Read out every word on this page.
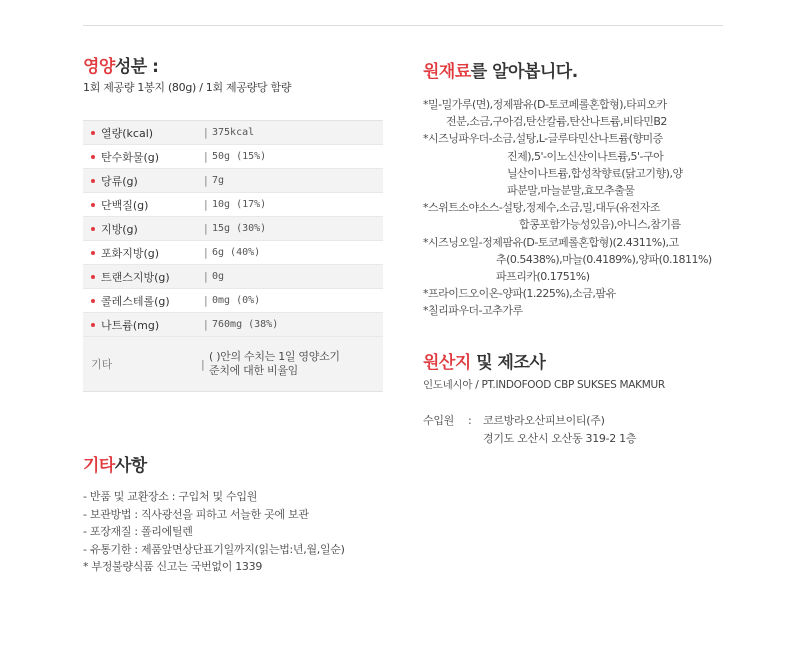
영양성분 :
1회 제공량 1봉지 (80g) / 1회 제공량당 함량
열량(kcal)	| 375kcal
탄수화물(g)	| 50g (15%)
당류(g)	| 7g
단백질(g)	| 10g (17%)
지방(g)	| 15g (30%)
포화지방(g)	| 6g (40%)
트랜스지방(g)	| 0g
콜레스테롤(g)	| 0mg (0%)
나트륨(mg)	| 760mg (38%)
기타	|
( )안의 수치는 1일 영양소기
준치에 대한 비율임
기타사항
- 반품 및 교환장소 : 구입처 및 수입원
- 보관방법 : 직사광선을 피하고 서늘한 곳에 보관
- 포장재질 : 폴리에틸렌
- 유통기한 : 제품앞면상단표기일까지(읽는법:년,월,일순)
* 부정불량식품 신고는 국번없이 1339
원재료를 알아봅니다.
*밀-밀가루(면),정제팜유(D-토코페롤혼합형),타피오카
전분,소금,구아검,탄산칼륨,탄산나트륨,비타민B2
*시즈닝파우더-소금,설탕,L-글루타민산나트륨(향미증
진제),5'-이노신산이나트륨,5'-구아
닐산이나트륨,합성착향료(닭고기향),양
파분말,마늘분말,효모추출물
*스위트소야소스-설탕,정제수,소금,밀,대두(유전자조
합콩포함가능성있음),아니스,참기름
*시즈닝오일-정제팜유(D-토코페롤혼합형)(2.4311%),고
추(0.5438%),마늘(0.4189%),양파(0.1811%)
파프리카(0.1751%)
*프라이드오이온-양파(1.225%),소금,팜유
*칠리파우더-고추가루
원산지 및 제조사
인도네시아 / PT.INDOFOOD CBP SUKSES MAKMUR
수입원	:	코르방라오산피브이티(주)
경기도 오산시 오산동 319-2 1층
